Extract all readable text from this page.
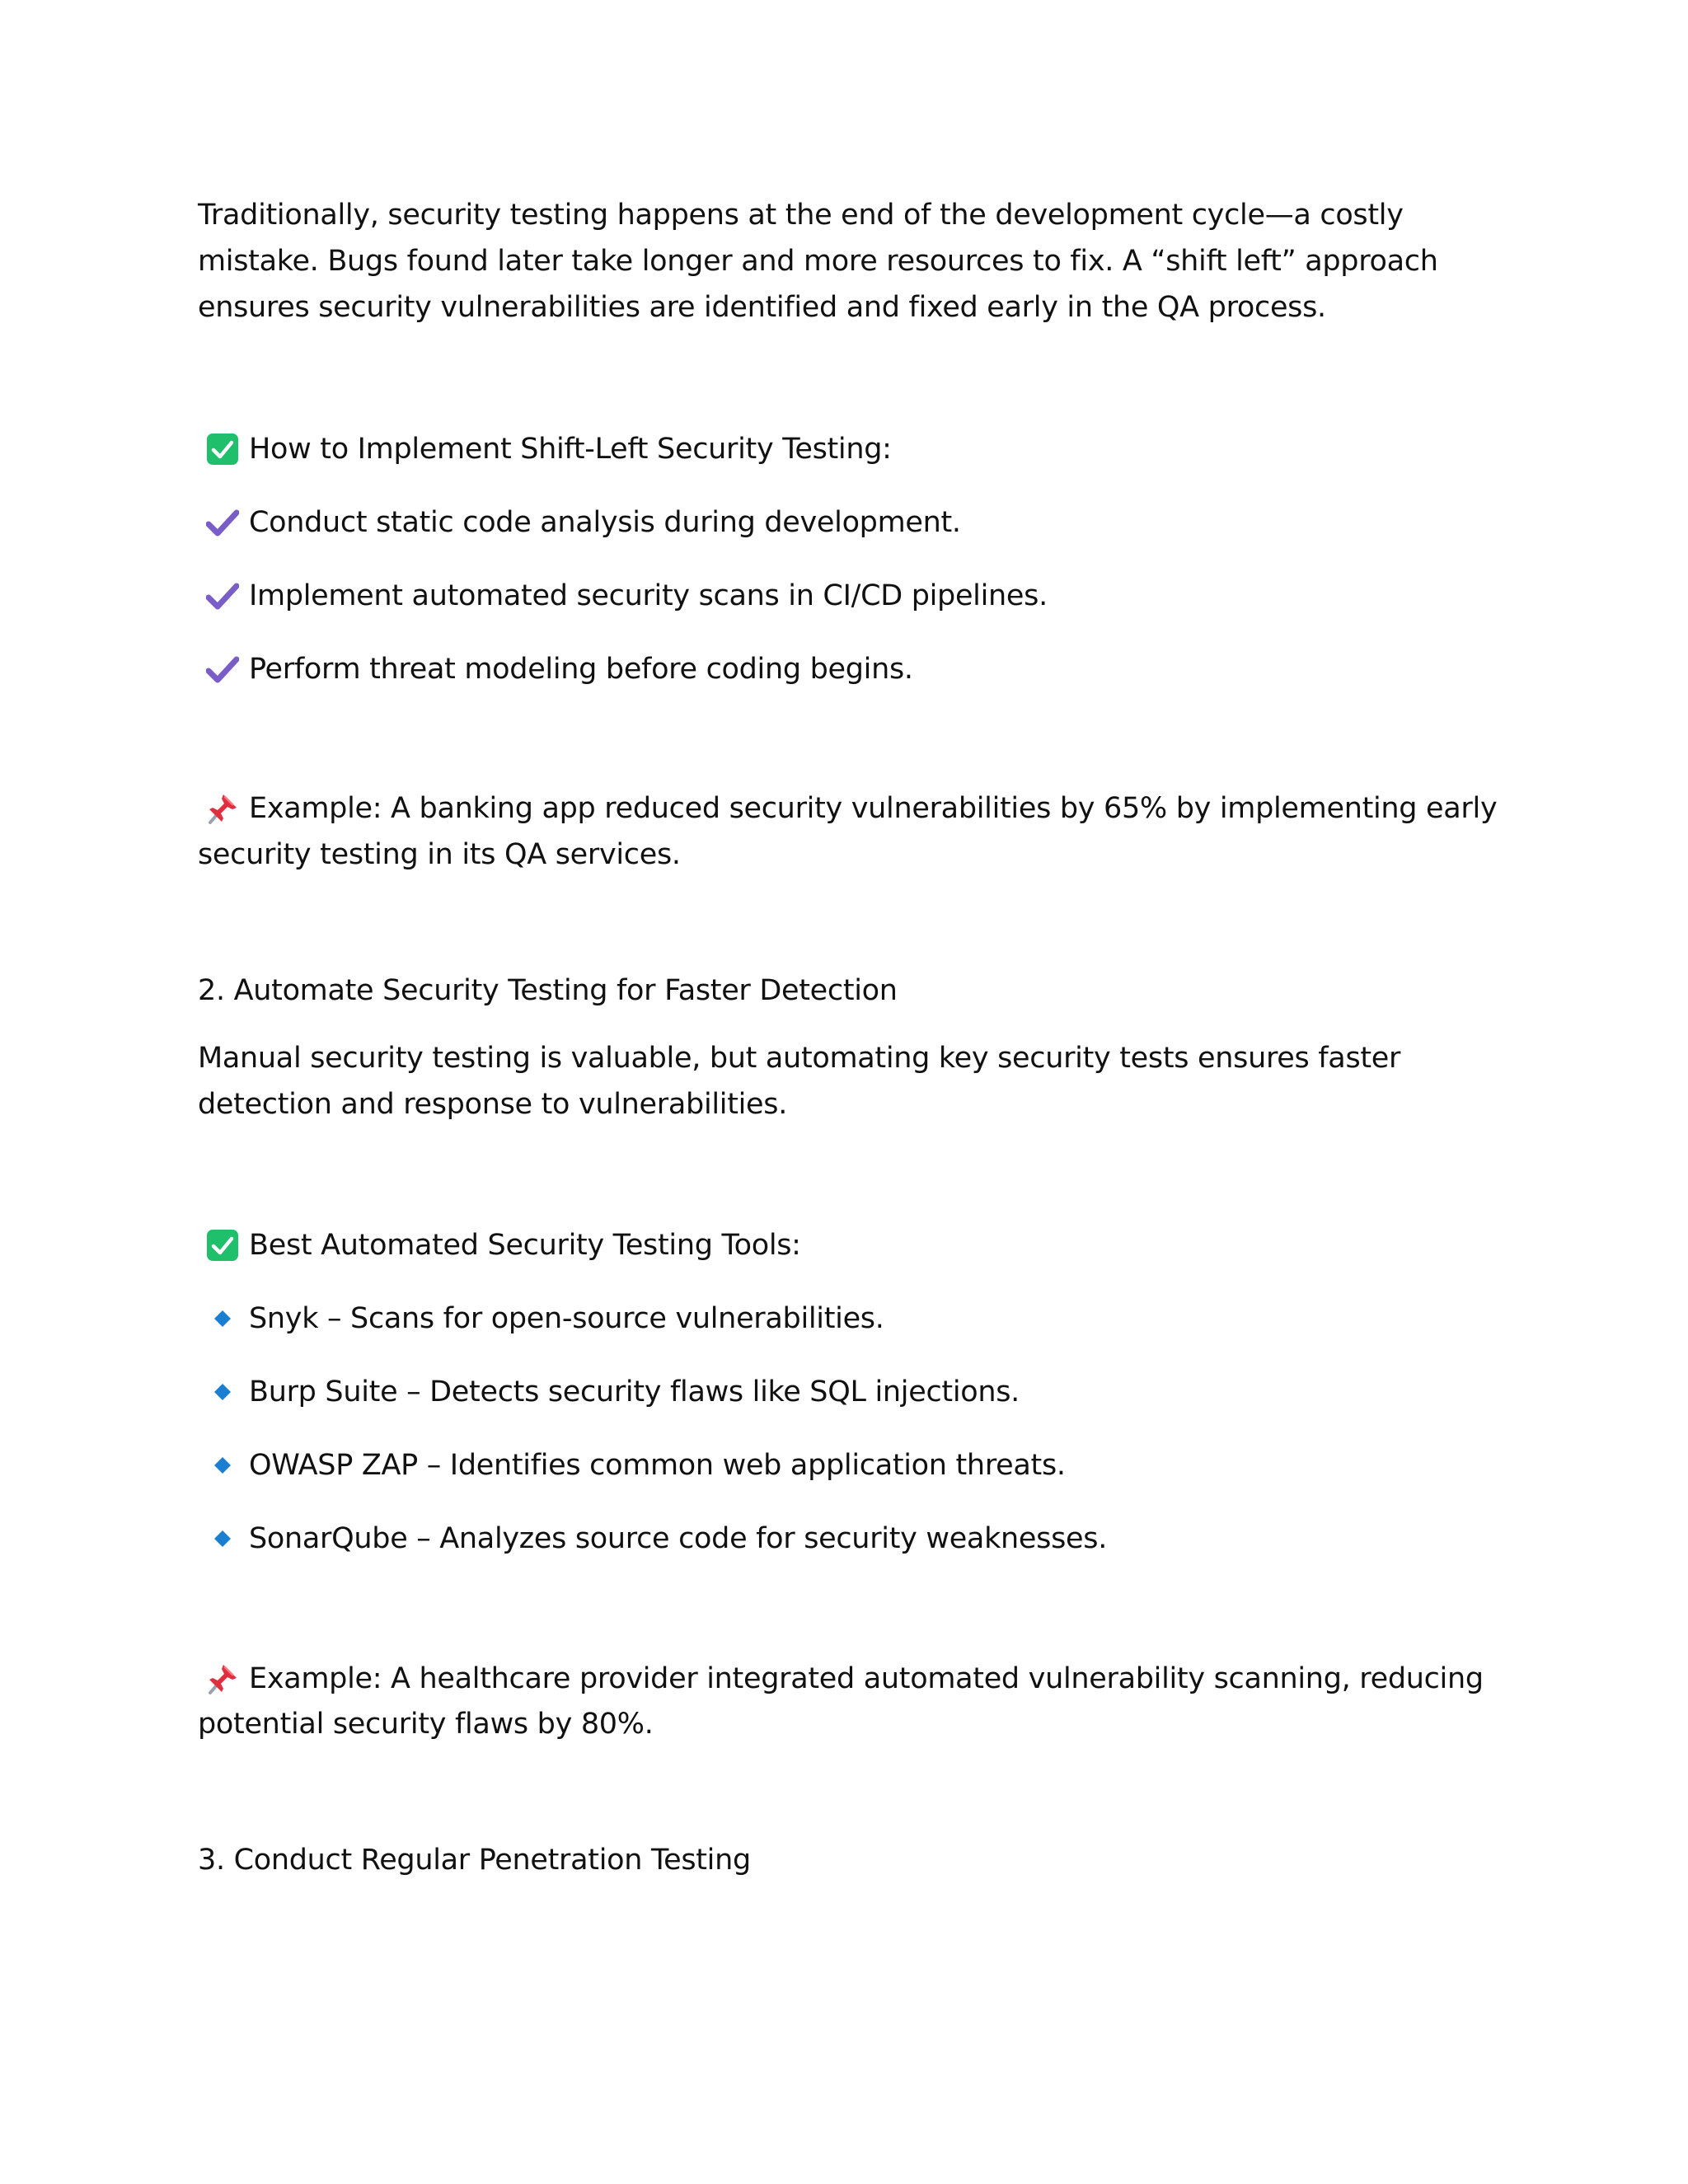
Traditionally, security testing happens at the end of the development cycle—a costly
mistake. Bugs found later take longer and more resources to fix. A “shift left” approach
ensures security vulnerabilities are identified and fixed early in the QA process.
How to Implement Shift-Left Security Testing:
Conduct static code analysis during development.
Implement automated security scans in CI/CD pipelines.
Perform threat modeling before coding begins.
Example: A banking app reduced security vulnerabilities by 65% by implementing early
security testing in its QA services.
2. Automate Security Testing for Faster Detection
Manual security testing is valuable, but automating key security tests ensures faster
detection and response to vulnerabilities.
Best Automated Security Testing Tools:
Snyk – Scans for open-source vulnerabilities.
Burp Suite – Detects security flaws like SQL injections.
OWASP ZAP – Identifies common web application threats.
SonarQube – Analyzes source code for security weaknesses.
Example: A healthcare provider integrated automated vulnerability scanning, reducing
potential security flaws by 80%.
3. Conduct Regular Penetration Testing
